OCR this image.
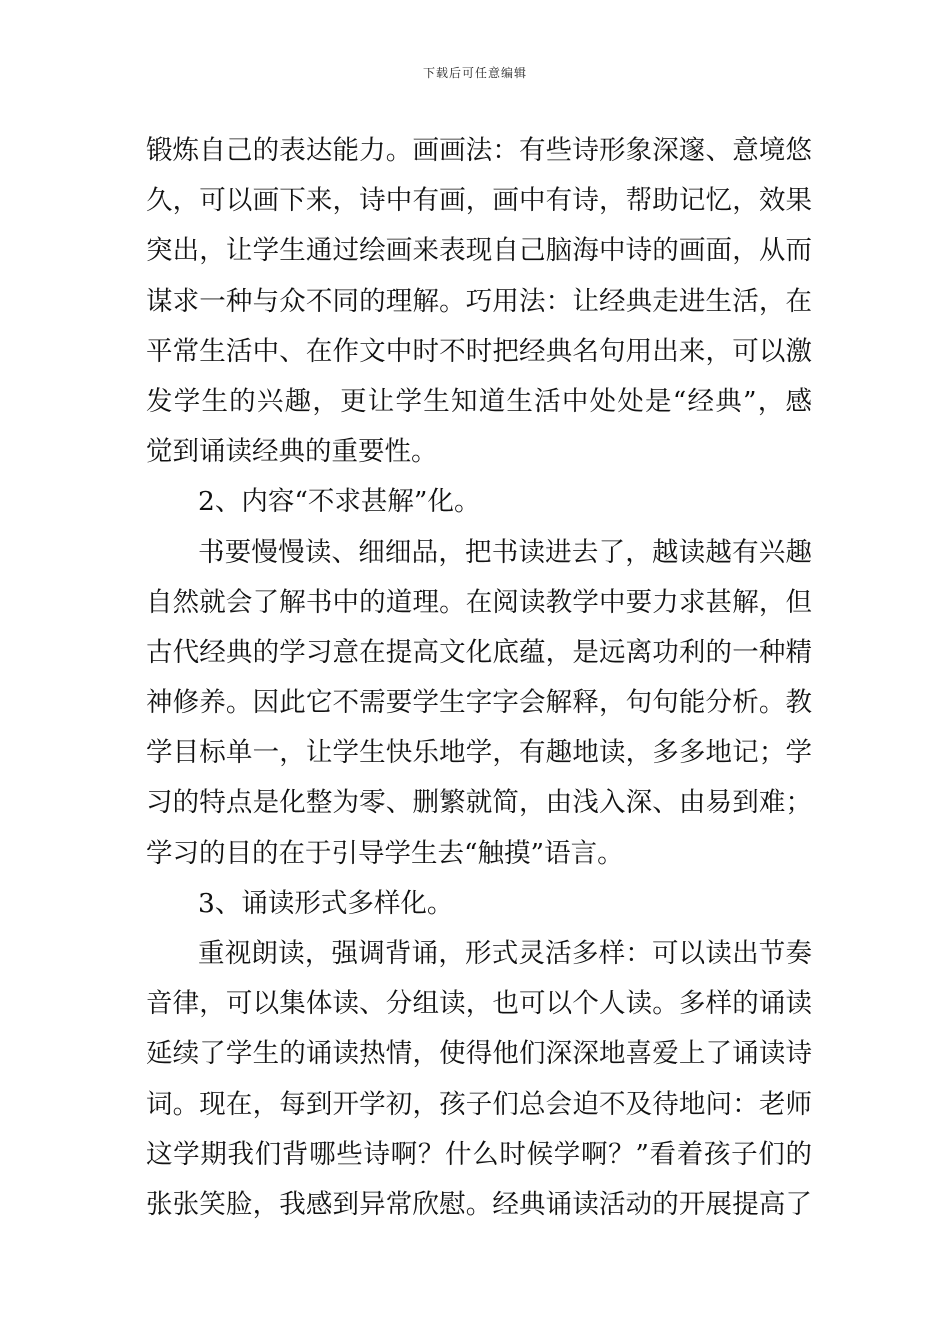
下载后可任意编辑
锻炼自己的表达能力。画画法：有些诗形象深邃、意境悠
久，可以画下来，诗中有画，画中有诗，帮助记忆，效果
突出，让学生通过绘画来表现自己脑海中诗的画面，从而
谋求一种与众不同的理解。巧用法：让经典走进生活，在
平常生活中、在作文中时不时把经典名句用出来，可以激
发学生的兴趣，更让学生知道生活中处处是“经典”，感
觉到诵读经典的重要性。
2、内容“不求甚解”化。
书要慢慢读、细细品，把书读进去了，越读越有兴趣
自然就会了解书中的道理。在阅读教学中要力求甚解，但
古代经典的学习意在提高文化底蕴，是远离功利的一种精
神修养。因此它不需要学生字字会解释，句句能分析。教
学目标单一，让学生快乐地学，有趣地读，多多地记；学
习的特点是化整为零、删繁就简，由浅入深、由易到难；
学习的目的在于引导学生去“触摸”语言。
3、诵读形式多样化。
重视朗读，强调背诵，形式灵活多样：可以读出节奏
音律，可以集体读、分组读，也可以个人读。多样的诵读
延续了学生的诵读热情，使得他们深深地喜爱上了诵读诗
词。现在，每到开学初，孩子们总会迫不及待地问：老师
这学期我们背哪些诗啊？什么时候学啊？”看着孩子们的
张张笑脸，我感到异常欣慰。经典诵读活动的开展提高了
